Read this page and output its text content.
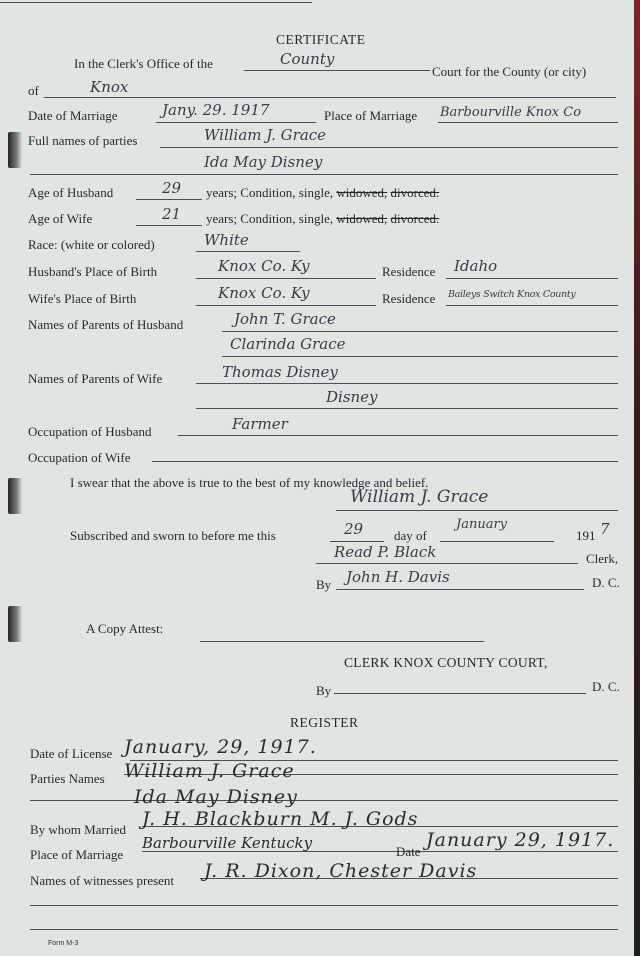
CERTIFICATE
In the Clerk's Office of the	County
Court for the County (or city)
of	Knox
Date of Marriage	Jany. 29. 1917	Place of Marriage Barbourville Knox Co
Full names of parties	William J. Grace
Ida May Disney
Age of Husband	29 years; Condition, single, widowed, divorced.
Age of Wife	21 years; Condition, single, widowed, divorced.
Race: (white or colored)	White
Husband's Place of Birth	Knox Co. Ky	Residence Idaho
Wife's Place of Birth	Knox Co. Ky	Residence Baileys Switch Knox County
Names of Parents of Husband	John T. Grace
Clarinda Grace
Names of Parents of Wife	Thomas Disney
Disney
Occupation of Husband	Farmer
Occupation of Wife
I swear that the above is true to the best of my knowledge and belief.
William J. Grace
Subscribed and sworn to before me this	29 day of
January
191 7
Read P. Black	Clerk,
By John H. Davis	D. C.
A Copy Attest:
CLERK KNOX COUNTY COURT,
By	D. C.
REGISTER
Date of License January, 29, 1917.
Parties Names William J. Grace
Ida May Disney
By whom Married J. H. Blackburn M. J. Gods
Place of Marriage
Barbourville Kentucky	Date
January 29, 1917.
Names of witnesses present J. R. Dixon, Chester Davis
Form M-3
